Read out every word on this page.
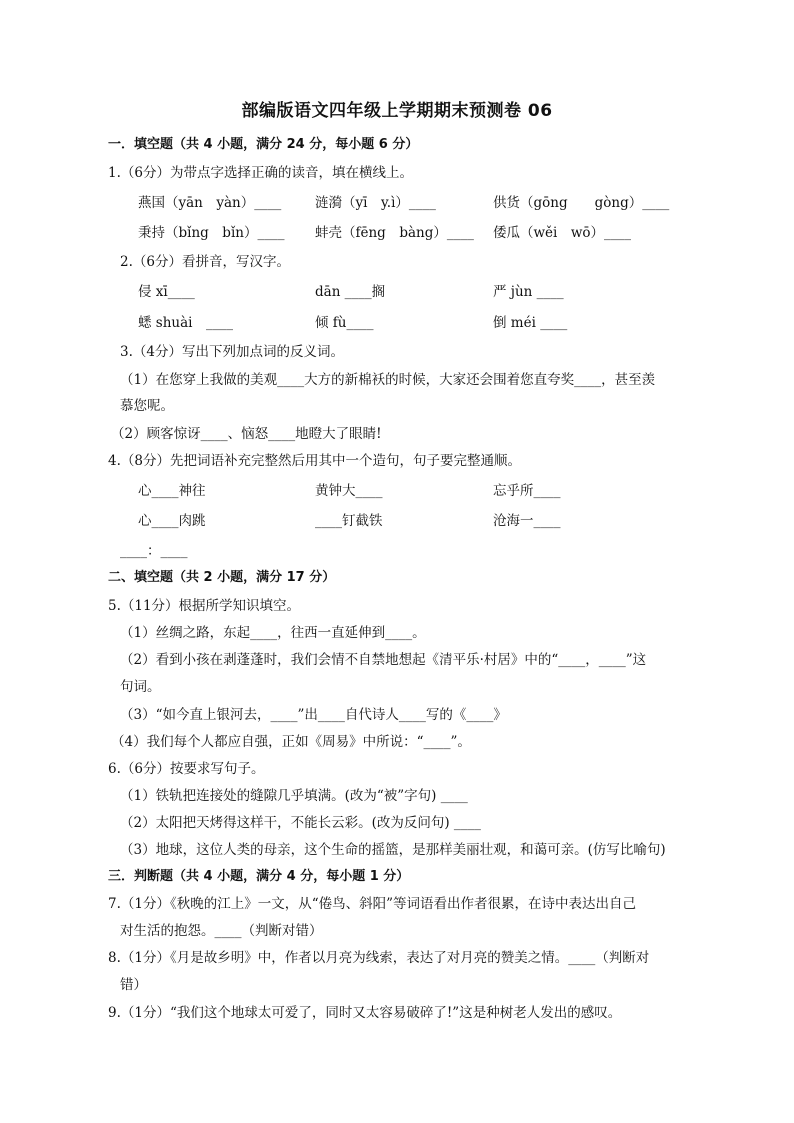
部编版语文四年级上学期期末预测卷 06
一．填空题（共 4 小题，满分 24 分，每小题 6 分）
1.（6分）为带点字选择正确的读音，填在横线上。
燕国（yān　yàn）____	涟漪（yī　y.ì）____	供货（gōng　　gòng）____
秉持（bǐng　bǐn）____ 蚌壳（fēng　bàng）____ 倭瓜（wěi　wō）____
2.（6分）看拼音，写汉字。
侵 xī____	dān ____搁	严 jùn ____
蟋 shuài　____	倾 fù____	倒 méi ____
3.（4分）写出下列加点词的反义词。
（1）在您穿上我做的美观____大方的新棉袄的时候，大家还会围着您直夸奖____，甚至羡
慕您呢。
（2）顾客惊讶____、恼怒____地瞪大了眼睛!
4.（8分）先把词语补充完整然后用其中一个造句，句子要完整通顺。
心____神往	黄钟大____	忘乎所____
心____肉跳	____钉截铁	沧海一____
____：____
二、填空题（共 2 小题，满分 17 分）
5.（11分）根据所学知识填空。
（1）丝绸之路，东起____，往西一直延伸到____。
（2）看到小孩在剥蓬蓬时，我们会情不自禁地想起《清平乐·村居》中的“____，____”这
句词。
（3）“如今直上银河去，____”出____自代诗人____写的《____》
（4）我们每个人都应自强，正如《周易》中所说：“____”。
6.（6分）按要求写句子。
（1）铁轨把连接处的缝隙几乎填满。(改为“被”字句) ____
（2）太阳把天烤得这样干，不能长云彩。(改为反问句) ____
（3）地球，这位人类的母亲，这个生命的摇篮，是那样美丽壮观，和蔼可亲。(仿写比喻句)
三．判断题（共 4 小题，满分 4 分，每小题 1 分）
7.（1分）《秋晚的江上》一文，从“倦鸟、斜阳”等词语看出作者很累，在诗中表达出自己
对生活的抱怨。____（判断对错）
8.（1分）《月是故乡明》中，作者以月亮为线索，表达了对月亮的赞美之情。____（判断对
错）
9.（1分）“我们这个地球太可爱了，同时又太容易破碎了!”这是种树老人发出的感叹。
